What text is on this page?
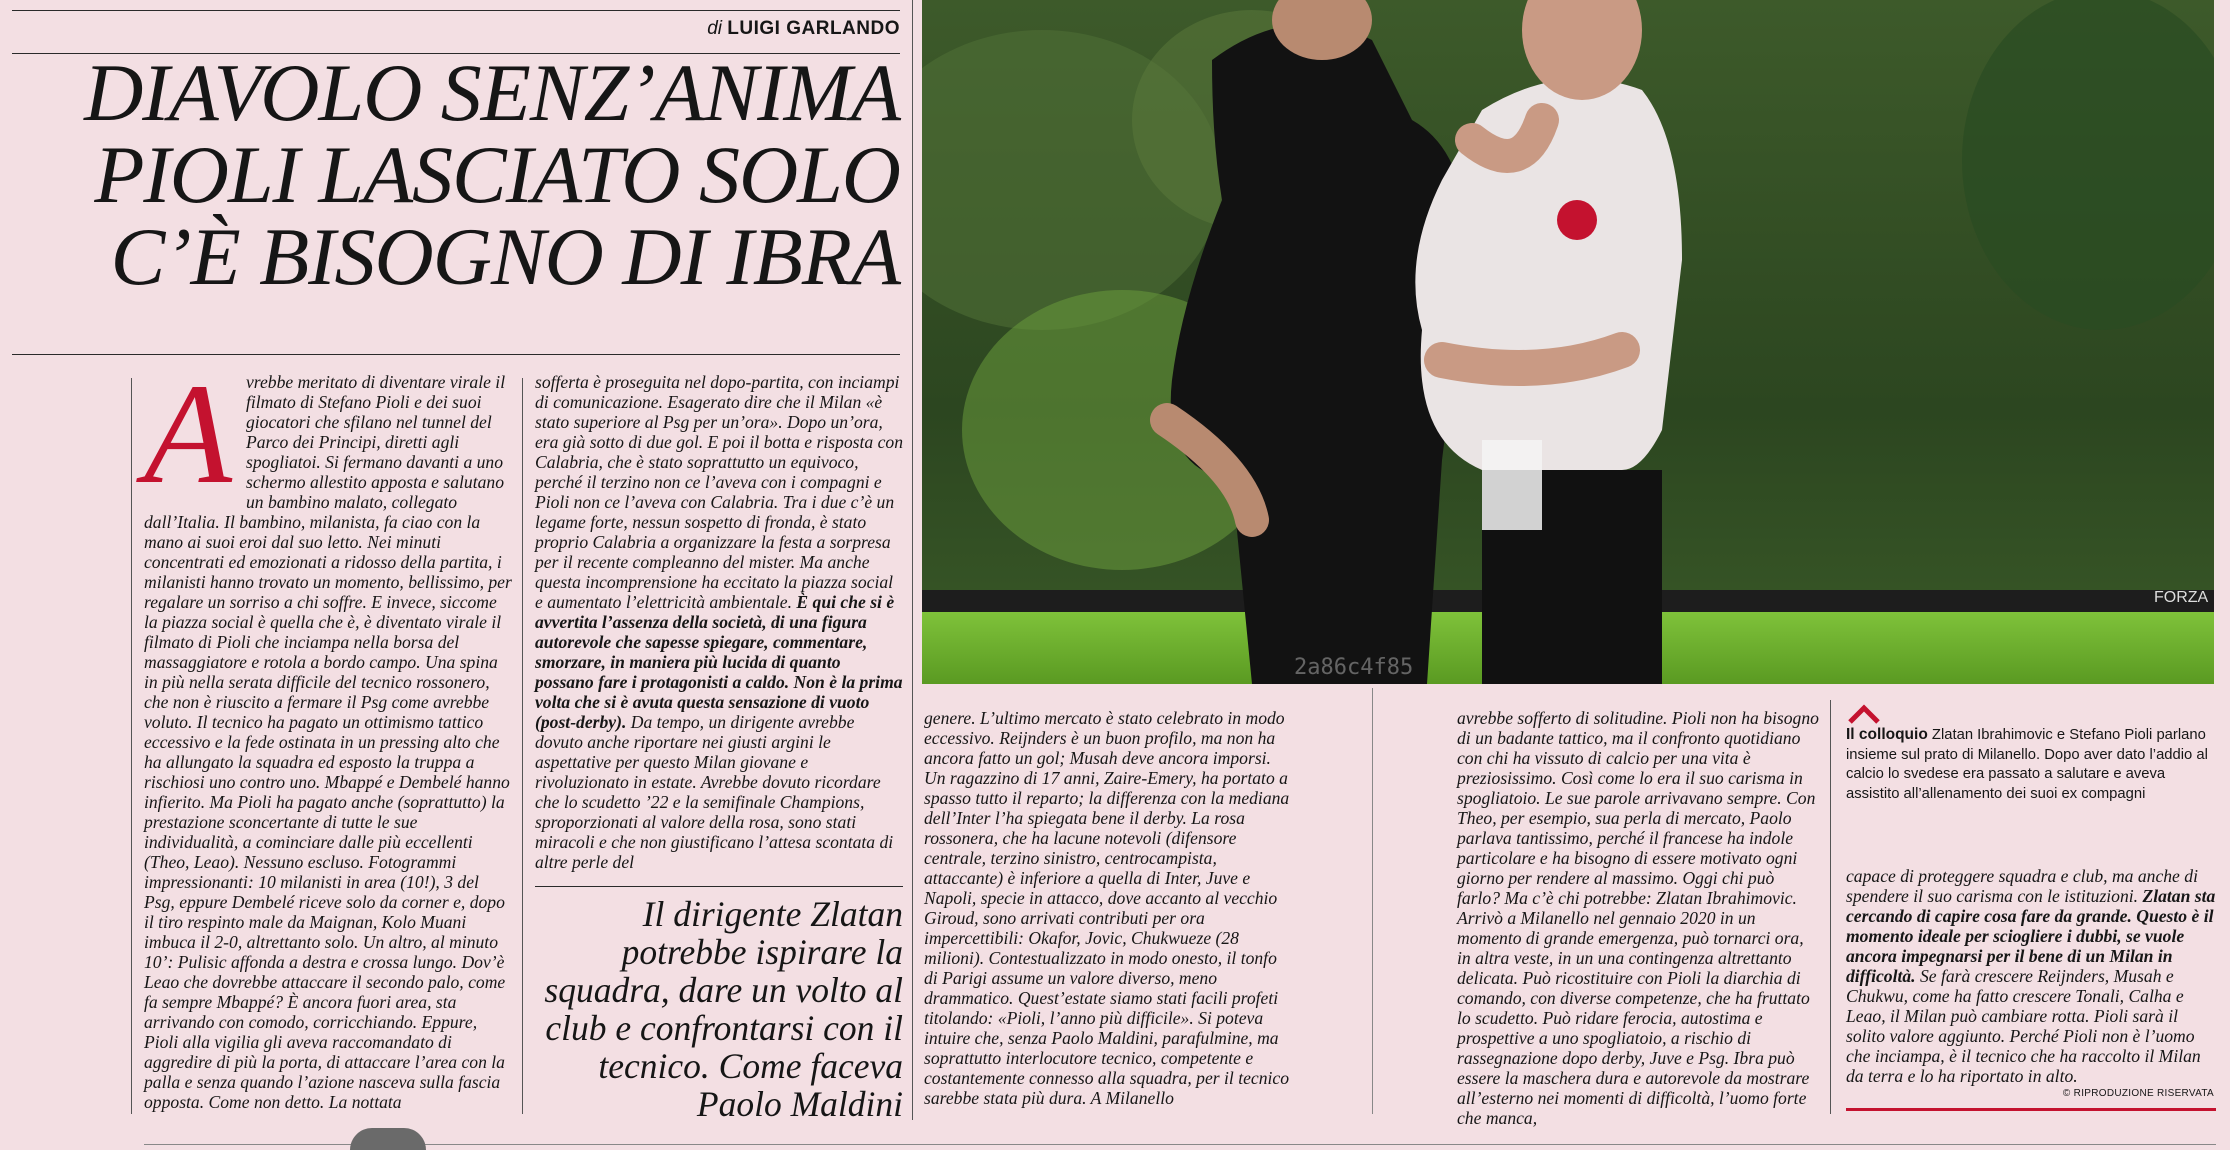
di LUIGI GARLANDO
DIAVOLO SENZ’ANIMA
PIOLI LASCIATO SOLO
C’È BISOGNO DI IBRA
A vrebbe meritato di diventare virale il filmato di Stefano Pioli e dei suoi giocatori che sfilano nel tunnel del Parco dei Principi, diretti agli spogliatoi. Si fermano davanti a uno schermo allestito apposta e salutano un bambino malato, collegato dall’Italia. Il bambino, milanista, fa ciao con la mano ai suoi eroi dal suo letto. Nei minuti concentrati ed emozionati a ridosso della partita, i milanisti hanno trovato un momento, bellissimo, per regalare un sorriso a chi soffre. E invece, siccome la piazza social è quella che è, è diventato virale il filmato di Pioli che inciampa nella borsa del massaggiatore e rotola a bordo campo. Una spina in più nella serata difficile del tecnico rossonero, che non è riuscito a fermare il Psg come avrebbe voluto. Il tecnico ha pagato un ottimismo tattico eccessivo e la fede ostinata in un pressing alto che ha allungato la squadra ed esposto la truppa a rischiosi uno contro uno. Mbappé e Dembelé hanno infierito. Ma Pioli ha pagato anche (soprattutto) la prestazione sconcertante di tutte le sue individualità, a cominciare dalle più eccellenti (Theo, Leao). Nessuno escluso. Fotogrammi impressionanti: 10 milanisti in area (10!), 3 del Psg, eppure Dembelé riceve solo da corner e, dopo il tiro respinto male da Maignan, Kolo Muani imbuca il 2-0, altrettanto solo. Un altro, al minuto 10’: Pulisic affonda a destra e crossa lungo. Dov’è Leao che dovrebbe attaccare il secondo palo, come fa sempre Mbappé? È ancora fuori area, sta arrivando con comodo, corricchiando. Eppure, Pioli alla vigilia gli aveva raccomandato di aggredire di più la porta, di attaccare l’area con la palla e senza quando l’azione nasceva sulla fascia opposta. Come non detto. La nottata
sofferta è proseguita nel dopo-partita, con inciampi di comunicazione. Esagerato dire che il Milan «è stato superiore al Psg per un’ora». Dopo un’ora, era già sotto di due gol. E poi il botta e risposta con Calabria, che è stato soprattutto un equivoco, perché il terzino non ce l’aveva con i compagni e Pioli non ce l’aveva con Calabria. Tra i due c’è un legame forte, nessun sospetto di fronda, è stato proprio Calabria a organizzare la festa a sorpresa per il recente compleanno del mister. Ma anche questa incomprensione ha eccitato la piazza social e aumentato l’elettricità ambientale. È qui che si è avvertita l’assenza della società, di una figura autorevole che sapesse spiegare, commentare, smorzare, in maniera più lucida di quanto possano fare i protagonisti a caldo. Non è la prima volta che si è avuta questa sensazione di vuoto (post-derby). Da tempo, un dirigente avrebbe dovuto anche riportare nei giusti argini le aspettative per questo Milan giovane e rivoluzionato in estate. Avrebbe dovuto ricordare che lo scudetto ’22 e la semifinale Champions, sproporzionati al valore della rosa, sono stati miracoli e che non giustificano l’attesa scontata di altre perle del

Il dirigente Zlatan potrebbe ispirare la squadra, dare un volto al club e confrontarsi con il tecnico. Come faceva Paolo Maldini

FORZA
2a86c4f85
genere. L’ultimo mercato è stato celebrato in modo eccessivo. Reijnders è un buon profilo, ma non ha ancora fatto un gol; Musah deve ancora imporsi. Un ragazzino di 17 anni, Zaire-Emery, ha portato a spasso tutto il reparto; la differenza con la mediana dell’Inter l’ha spiegata bene il derby. La rosa rossonera, che ha lacune notevoli (difensore centrale, terzino sinistro, centrocampista, attaccante) è inferiore a quella di Inter, Juve e Napoli, specie in attacco, dove accanto al vecchio Giroud, sono arrivati contributi per ora impercettibili: Okafor, Jovic, Chukwueze (28 milioni). Contestualizzato in modo onesto, il tonfo di Parigi assume un valore diverso, meno drammatico. Quest’estate siamo stati facili profeti titolando: «Pioli, l’anno più difficile». Si poteva intuire che, senza Paolo Maldini, parafulmine, ma soprattutto interlocutore tecnico, competente e costantemente connesso alla squadra, per il tecnico sarebbe stata più dura. A Milanello
avrebbe sofferto di solitudine. Pioli non ha bisogno di un badante tattico, ma il confronto quotidiano con chi ha vissuto di calcio per una vita è preziosissimo. Così come lo era il suo carisma in spogliatoio. Le sue parole arrivavano sempre. Con Theo, per esempio, sua perla di mercato, Paolo parlava tantissimo, perché il francese ha indole particolare e ha bisogno di essere motivato ogni giorno per rendere al massimo. Oggi chi può farlo? Ma c’è chi potrebbe: Zlatan Ibrahimovic. Arrivò a Milanello nel gennaio 2020 in un momento di grande emergenza, può tornarci ora, in altra veste, in un una contingenza altrettanto delicata. Può ricostituire con Pioli la diarchia di comando, con diverse competenze, che ha fruttato lo scudetto. Può ridare ferocia, autostima e prospettive a uno spogliatoio, a rischio di rassegnazione dopo derby, Juve e Psg. Ibra può essere la maschera dura e autorevole da mostrare all’esterno nei momenti di difficoltà, l’uomo forte che manca,
Il colloquio Zlatan Ibrahimovic e Stefano Pioli parlano insieme sul prato di Milanello. Dopo aver dato l’addio al calcio lo svedese era passato a salutare e aveva assistito all’allenamento dei suoi ex compagni
capace di proteggere squadra e club, ma anche di spendere il suo carisma con le istituzioni. Zlatan sta cercando di capire cosa fare da grande. Questo è il momento ideale per sciogliere i dubbi, se vuole ancora impegnarsi per il bene di un Milan in difficoltà. Se farà crescere Reijnders, Musah e Chukwu, come ha fatto crescere Tonali, Calha e Leao, il Milan può cambiare rotta. Pioli sarà il solito valore aggiunto. Perché Pioli non è l’uomo che inciampa, è il tecnico che ha raccolto il Milan da terra e lo ha riportato in alto.
© RIPRODUZIONE RISERVATA
